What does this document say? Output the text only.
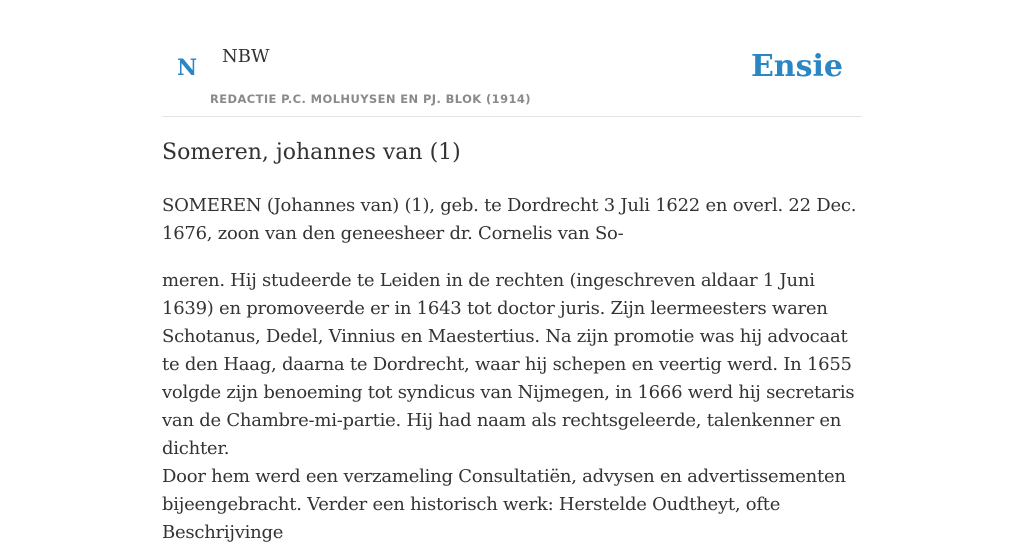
N NBW
REDACTIE P.C. MOLHUYSEN EN PJ. BLOK (1914)
Ensie
Someren, johannes van (1)

SOMEREN (Johannes van) (1), geb. te Dordrecht 3 Juli 1622 en overl. 22 Dec. 1676, zoon van den geneesheer dr. Cornelis van So-

meren. Hij studeerde te Leiden in de rechten (ingeschreven aldaar 1 Juni 1639) en promoveerde er in 1643 tot doctor juris. Zijn leermeesters waren Schotanus, Dedel, Vinnius en Maestertius. Na zijn promotie was hij advocaat te den Haag, daarna te Dordrecht, waar hij schepen en veertig werd. In 1655 volgde zijn benoeming tot syndicus van Nijmegen, in 1666 werd hij secretaris van de Chambre-mi-partie. Hij had naam als rechtsgeleerde, talenkenner en dichter.

Door hem werd een verzameling Consultatiën, advysen en advertissementen bijeengebracht. Verder een historisch werk: Herstelde Oudtheyt, ofte Beschrijvinge
